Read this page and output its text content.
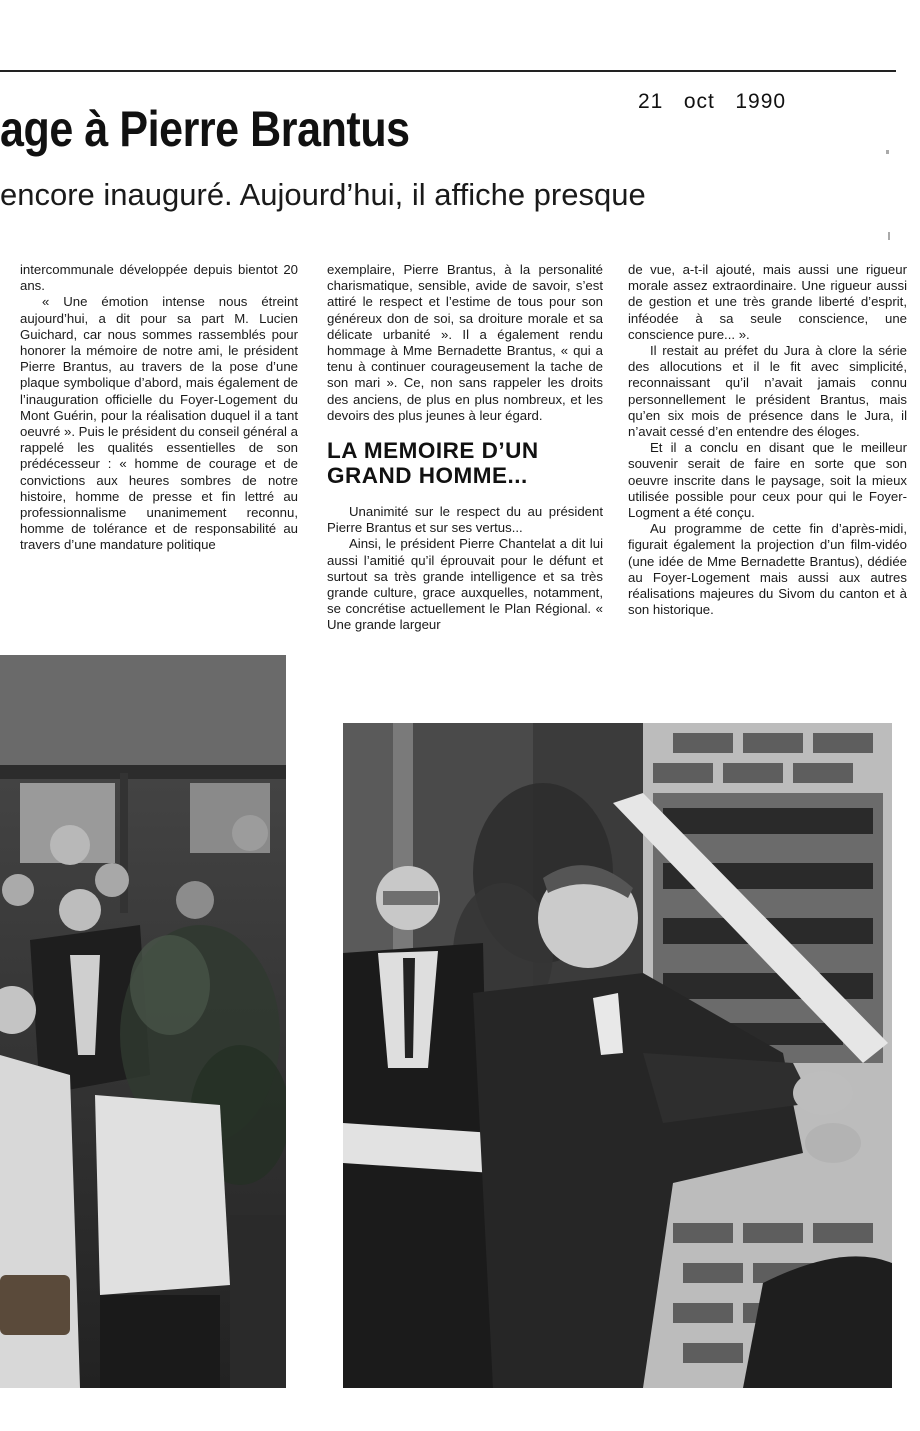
21   oct   1990
age à Pierre Brantus
encore inauguré. Aujourd’hui, il affiche presque

intercommunale développée depuis bientot 20 ans.

« Une émotion intense nous étreint aujourd’hui, a dit pour sa part M. Lucien Guichard, car nous sommes rassemblés pour honorer la mémoire de notre ami, le président Pierre Brantus, au travers de la pose d’une plaque symbolique d’abord, mais également de l’inauguration officielle du Foyer-Logement du Mont Guérin, pour la réalisation duquel il a tant oeuvré ». Puis le président du conseil général a rappelé les qualités essentielles de son prédécesseur : « homme de courage et de convictions aux heures sombres de notre histoire, homme de presse et fin lettré au professionnalisme unanimement reconnu, homme de tolérance et de responsabilité au travers d’une mandature politique

exemplaire, Pierre Brantus, à la personalité charismatique, sensible, avide de savoir, s’est attiré le respect et l’estime de tous pour son généreux don de soi, sa droiture morale et sa délicate urbanité ». Il a également rendu hommage à Mme Bernadette Brantus, « qui a tenu à continuer courageusement la tache de son mari ». Ce, non sans rappeler les droits des anciens, de plus en plus nombreux, et les devoirs des plus jeunes à leur égard.

LA MEMOIRE D’UN GRAND HOMME...

Unanimité sur le respect du au président Pierre Brantus et sur ses vertus...

Ainsi, le président Pierre Chantelat a dit lui aussi l’amitié qu’il éprouvait pour le défunt et surtout sa très grande intelligence et sa très grande culture, grace auxquelles, notamment, se concrétise actuellement le Plan Régional. « Une grande largeur

de vue, a-t-il ajouté, mais aussi une rigueur morale assez extraordinaire. Une rigueur aussi de gestion et une très grande liberté d’esprit, inféodée à sa seule conscience, une conscience pure... ».

Il restait au préfet du Jura à clore la série des allocutions et il le fit avec simplicité, reconnaissant qu’il n’avait jamais connu personnellement le président Brantus, mais qu’en six mois de présence dans le Jura, il n’avait cessé d’en entendre des éloges.

Et il a conclu en disant que le meilleur souvenir serait de faire en sorte que son oeuvre inscrite dans le paysage, soit la mieux utilisée possible pour ceux pour qui le Foyer-Logment a été conçu.

Au programme de cette fin d’après-midi, figurait également la projection d’un film-vidéo (une idée de Mme Bernadette Brantus), dédiée au Foyer-Logement mais aussi aux autres réalisations majeures du Sivom du canton et à son historique.
